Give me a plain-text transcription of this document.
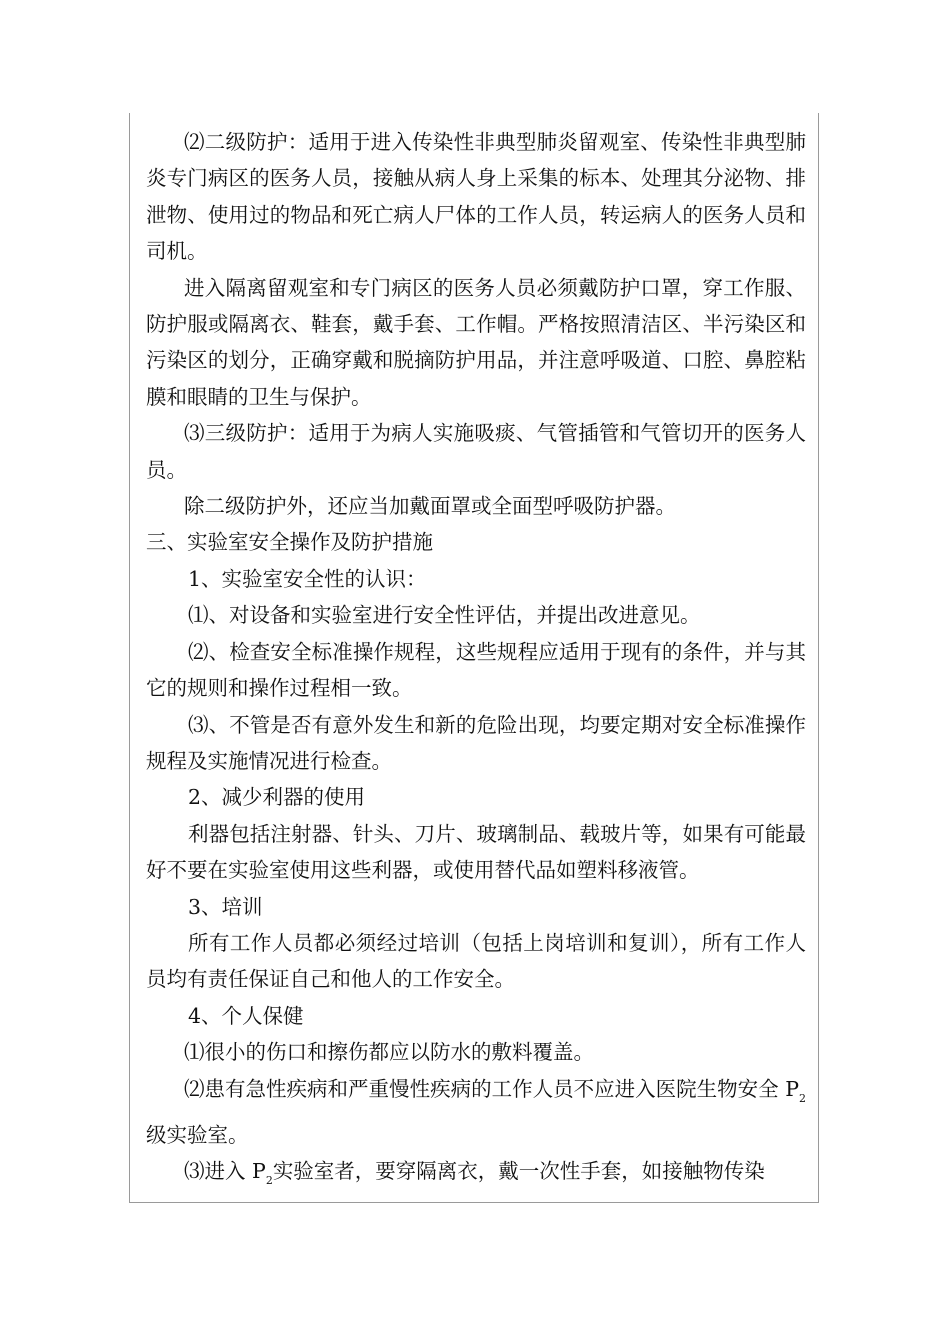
⑵二级防护：适用于进入传染性非典型肺炎留观室、传染性非典型肺炎专门病区的医务人员，接触从病人身上采集的标本、处理其分泌物、排泄物、使用过的物品和死亡病人尸体的工作人员，转运病人的医务人员和司机。

进入隔离留观室和专门病区的医务人员必须戴防护口罩，穿工作服、防护服或隔离衣、鞋套，戴手套、工作帽。严格按照清洁区、半污染区和污染区的划分，正确穿戴和脱摘防护用品，并注意呼吸道、口腔、鼻腔粘膜和眼睛的卫生与保护。

⑶三级防护：适用于为病人实施吸痰、气管插管和气管切开的医务人员。

除二级防护外，还应当加戴面罩或全面型呼吸防护器。

三、实验室安全操作及防护措施

1、实验室安全性的认识：

⑴、对设备和实验室进行安全性评估，并提出改进意见。

⑵、检查安全标准操作规程，这些规程应适用于现有的条件，并与其它的规则和操作过程相一致。

⑶、不管是否有意外发生和新的危险出现，均要定期对安全标准操作规程及实施情况进行检查。

2、减少利器的使用

利器包括注射器、针头、刀片、玻璃制品、载玻片等，如果有可能最好不要在实验室使用这些利器，或使用替代品如塑料移液管。

3、培训

所有工作人员都必须经过培训（包括上岗培训和复训），所有工作人员均有责任保证自己和他人的工作安全。

4、个人保健

⑴很小的伤口和擦伤都应以防水的敷料覆盖。

⑵患有急性疾病和严重慢性疾病的工作人员不应进入医院生物安全 $P_2$级实验室。

⑶进入 $P_2$实验室者，要穿隔离衣，戴一次性手套，如接触物传染
